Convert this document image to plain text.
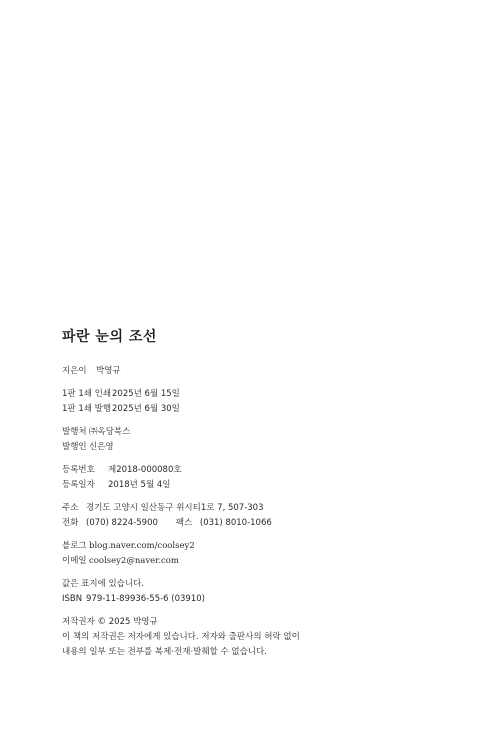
파란 눈의 조선
지은이 박영규
1판 1쇄 인쇄2025년 6월 15일
1판 1쇄 발행2025년 6월 30일
발행처 ㈜옥당북스
발행인 신은영
등록번호 제2018-000080호
등록일자 2018년 5월 4일
주소 경기도 고양시 일산동구 위시티1로 7, 507-303
전화 (070) 8224-5900 팩스 (031) 8010-1066
블로그 blog.naver.com/coolsey2
이메일 coolsey2@naver.com
값은 표지에 있습니다.
ISBN 979-11-89936-55-6 (03910)
저작권자 © 2025 박영규
이 책의 저작권은 저자에게 있습니다. 저자와 출판사의 허락 없이
내용의 일부 또는 전부를 복제·전재·발췌할 수 없습니다.
